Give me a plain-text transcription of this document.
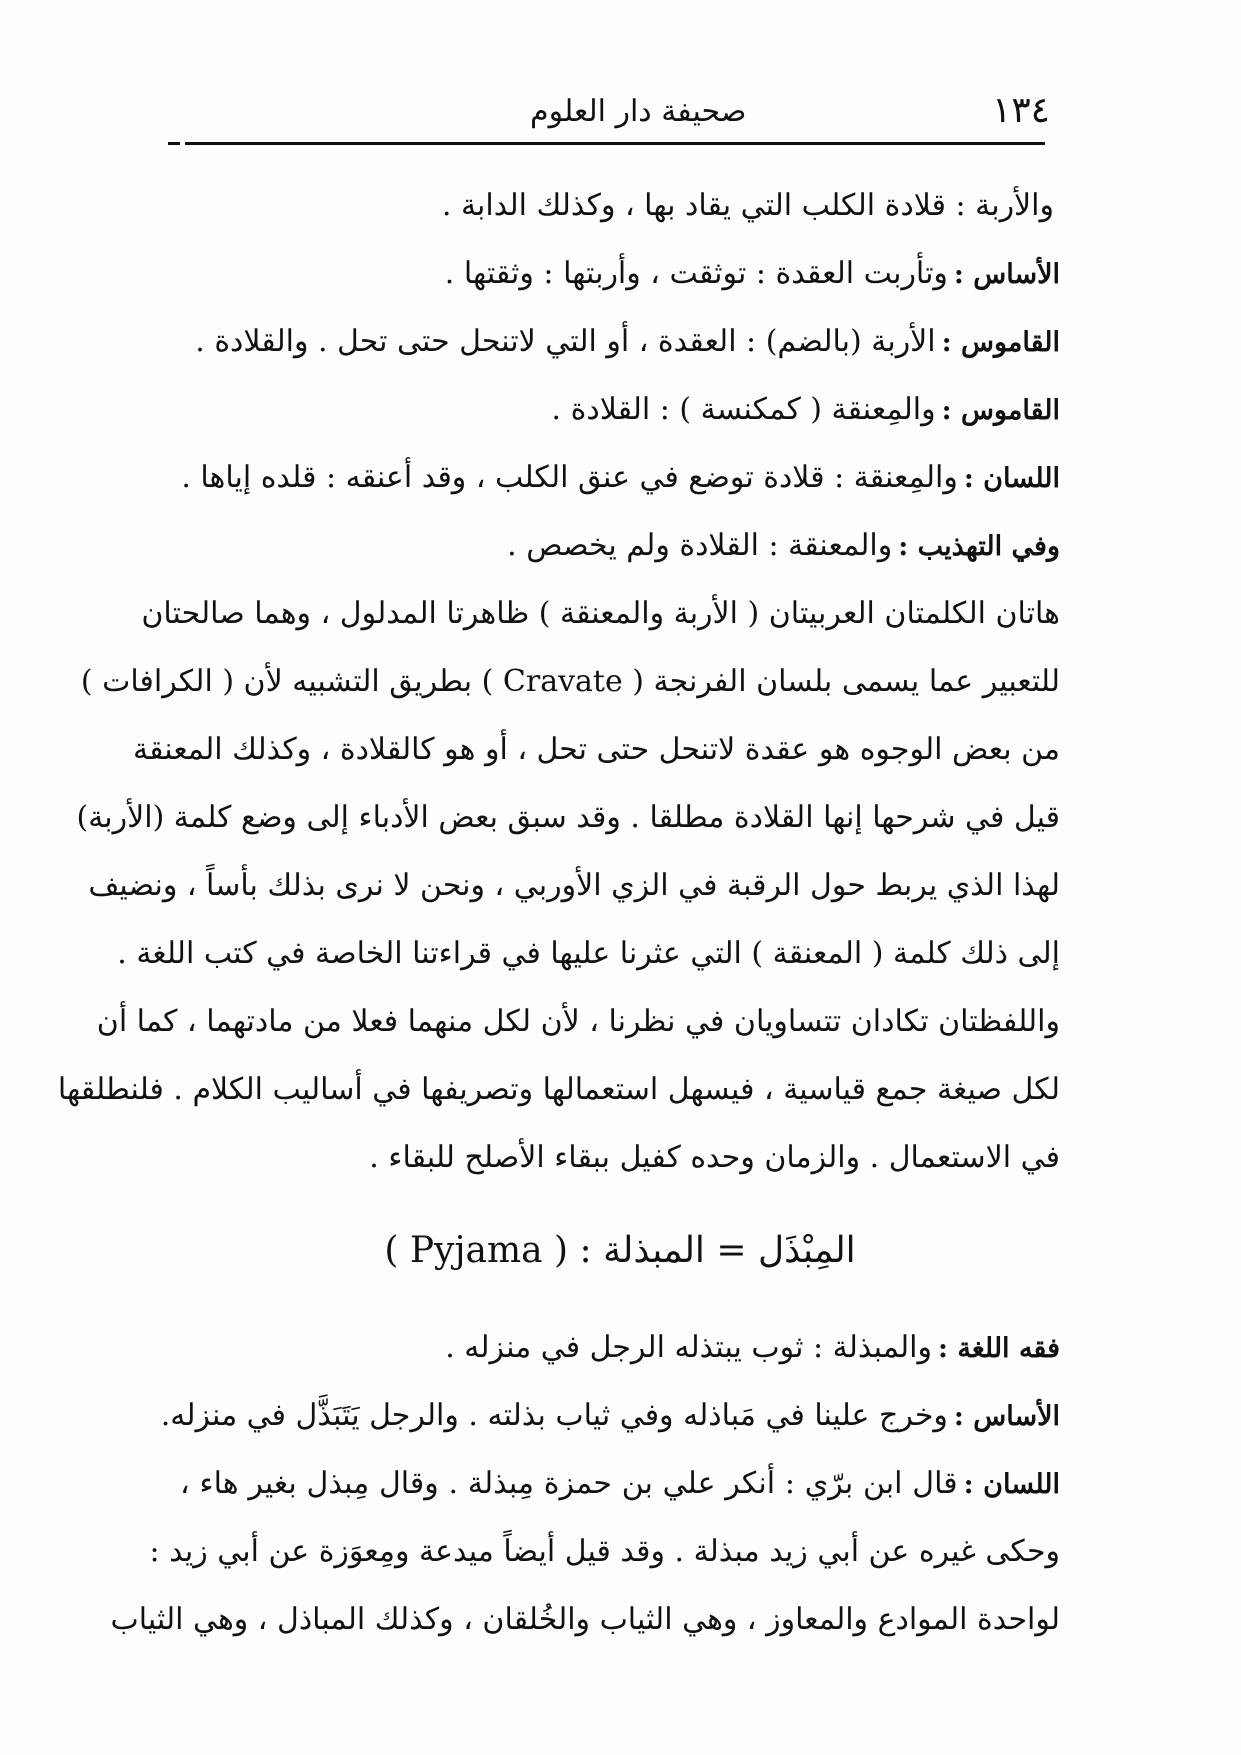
صحيفة دار العلوم	١٣٤
والأربة : قلادة الكلب التي يقاد بها ، وكذلك الدابة .
الأساس :وتأربت العقدة : توثقت ، وأربتها : وثقتها .
القاموس :الأربة (بالضم) : العقدة ، أو التي لاتنحل حتى تحل . والقلادة .
القاموس :والمِعنقة ( كمكنسة ) : القلادة .
اللسان :والمِعنقة : قلادة توضع في عنق الكلب ، وقد أعنقه : قلده إياها .
وفي التهذيب :والمعنقة : القلادة ولم يخصص .
هاتان الكلمتان العربيتان ( الأربة والمعنقة ) ظاهرتا المدلول ، وهما صالحتان
للتعبير عما يسمى بلسان الفرنجة ( Cravate ) بطريق التشبيه لأن ( الكرافات )
من بعض الوجوه هو عقدة لاتنحل حتى تحل ، أو هو كالقلادة ، وكذلك المعنقة
قيل في شرحها إنها القلادة مطلقا . وقد سبق بعض الأدباء إلى وضع كلمة (الأربة)
لهذا الذي يربط حول الرقبة في الزي الأوربي ، ونحن لا نرى بذلك بأساً ، ونضيف
إلى ذلك كلمة ( المعنقة ) التي عثرنا عليها في قراءتنا الخاصة في كتب اللغة .
واللفظتان تكادان تتساويان في نظرنا ، لأن لكل منهما فعلا من مادتهما ، كما أن
لكل صيغة جمع قياسية ، فيسهل استعمالها وتصريفها في أساليب الكلام . فلنطلقها
في الاستعمال . والزمان وحده كفيل ببقاء الأصلح للبقاء .
المِبْذَل = المبذلة : ( Pyjama )
فقه اللغة :والمبذلة : ثوب يبتذله الرجل في منزله .
الأساس :وخرج علينا في مَباذله وفي ثياب بذلته . والرجل يَتَبَذَّل في منزله.
اللسان :قال ابن برّي : أنكر علي بن حمزة مِبذلة . وقال مِبذل بغير هاء ،
وحكى غيره عن أبي زيد مبذلة . وقد قيل أيضاً ميدعة ومِعوَزة عن أبي زيد :
لواحدة الموادع والمعاوز ، وهي الثياب والخُلقان ، وكذلك المباذل ، وهي الثياب
